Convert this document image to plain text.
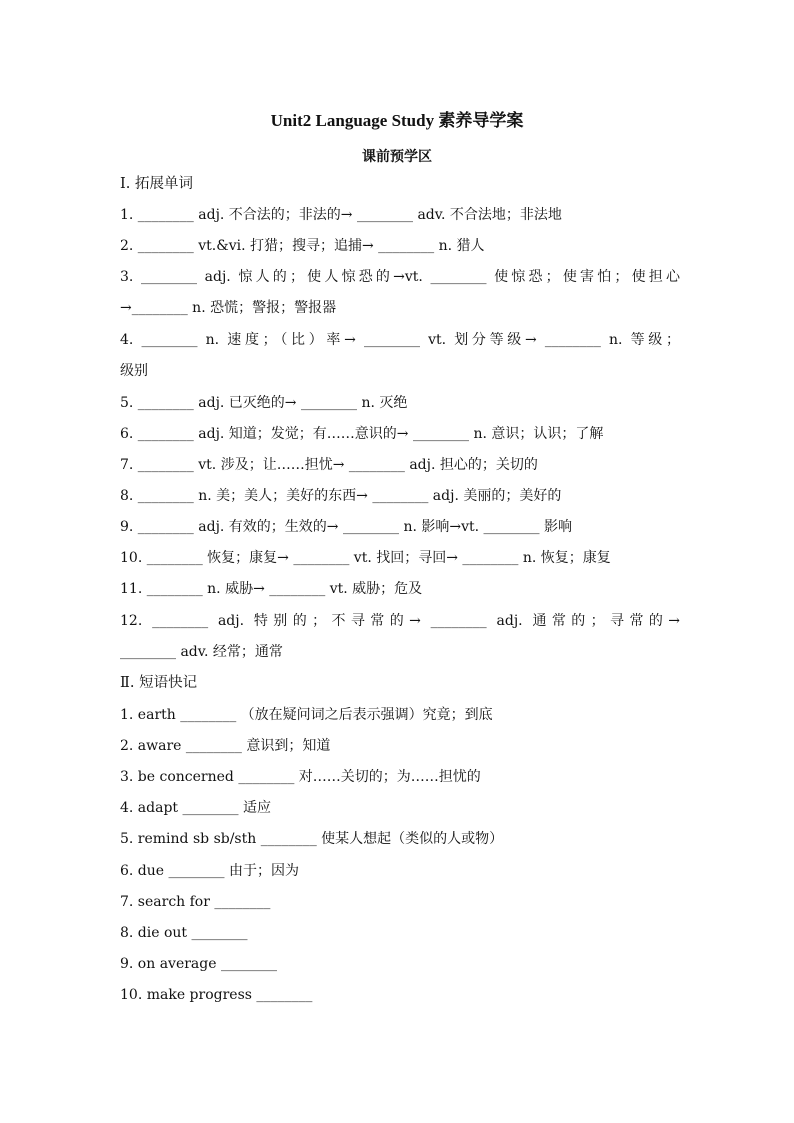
Unit2 Language Study 素养导学案
课前预学区
Ⅰ. 拓展单词
1. ________ adj. 不合法的；非法的→ ________ adv. 不合法地；非法地
2. ________ vt.&vi. 打猎；搜寻；追捕→ ________ n. 猎人
3. ________ adj. 惊人的；使人惊恐的→vt. ________ 使惊恐；使害怕；使担心
→________ n. 恐慌；警报；警报器
4. ________ n. 速度；（比）率→ ________ vt. 划分等级→ ________ n. 等级；
级别
5. ________ adj. 已灭绝的→ ________ n. 灭绝
6. ________ adj. 知道；发觉；有……意识的→ ________ n. 意识；认识；了解
7. ________ vt. 涉及；让……担忧→ ________ adj. 担心的；关切的
8. ________ n. 美；美人；美好的东西→ ________ adj. 美丽的；美好的
9. ________ adj. 有效的；生效的→ ________ n. 影响→vt. ________ 影响
10. ________ 恢复；康复→ ________ vt. 找回；寻回→ ________ n. 恢复；康复
11. ________ n. 威胁→ ________ vt. 威胁；危及
12. ________ adj. 特别的；不寻常的→ ________ adj. 通常的；寻常的→
________ adv. 经常；通常
Ⅱ. 短语快记
1. earth ________ （放在疑问词之后表示强调）究竟；到底
2. aware ________ 意识到；知道
3. be concerned ________ 对……关切的；为……担忧的
4. adapt ________ 适应
5. remind sb sb/sth ________ 使某人想起（类似的人或物）
6. due ________ 由于；因为
7. search for ________
8. die out ________
9. on average ________
10. make progress ________
